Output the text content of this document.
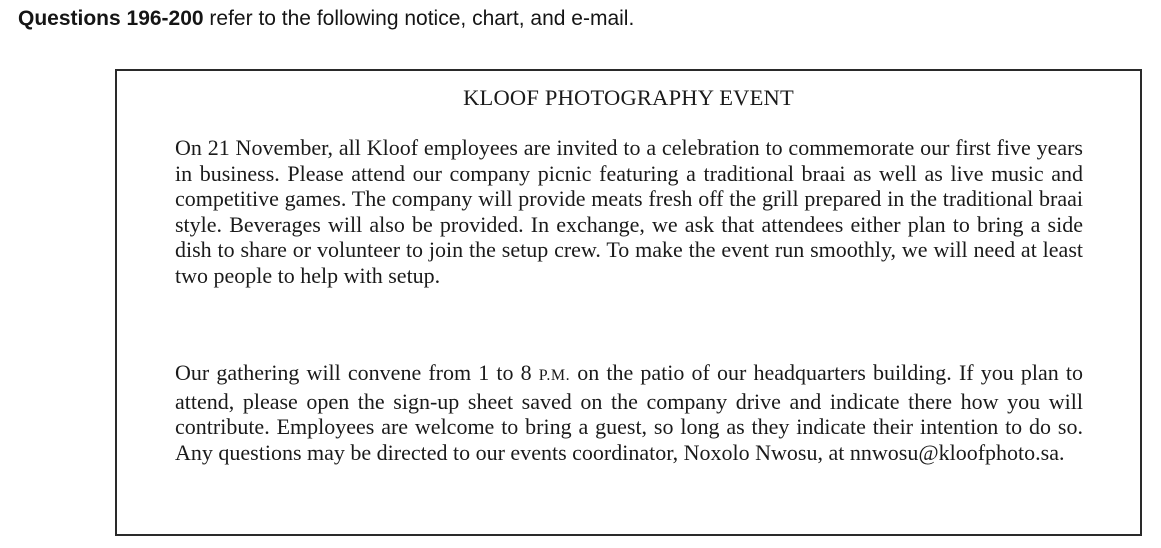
Questions 196-200 refer to the following notice, chart, and e-mail.
KLOOF PHOTOGRAPHY EVENT

On 21 November, all Kloof employees are invited to a celebration to commemorate our first five years in business. Please attend our company picnic featuring a traditional braai as well as live music and competitive games. The company will provide meats fresh off the grill prepared in the traditional braai style. Beverages will also be provided. In exchange, we ask that attendees either plan to bring a side dish to share or volunteer to join the setup crew. To make the event run smoothly, we will need at least two people to help with setup.

Our gathering will convene from 1 to 8 P.M. on the patio of our headquarters building. If you plan to attend, please open the sign-up sheet saved on the company drive and indicate there how you will contribute. Employees are welcome to bring a guest, so long as they indicate their intention to do so. Any questions may be directed to our events coordinator, Noxolo Nwosu, at nnwosu@kloofphoto.sa.
